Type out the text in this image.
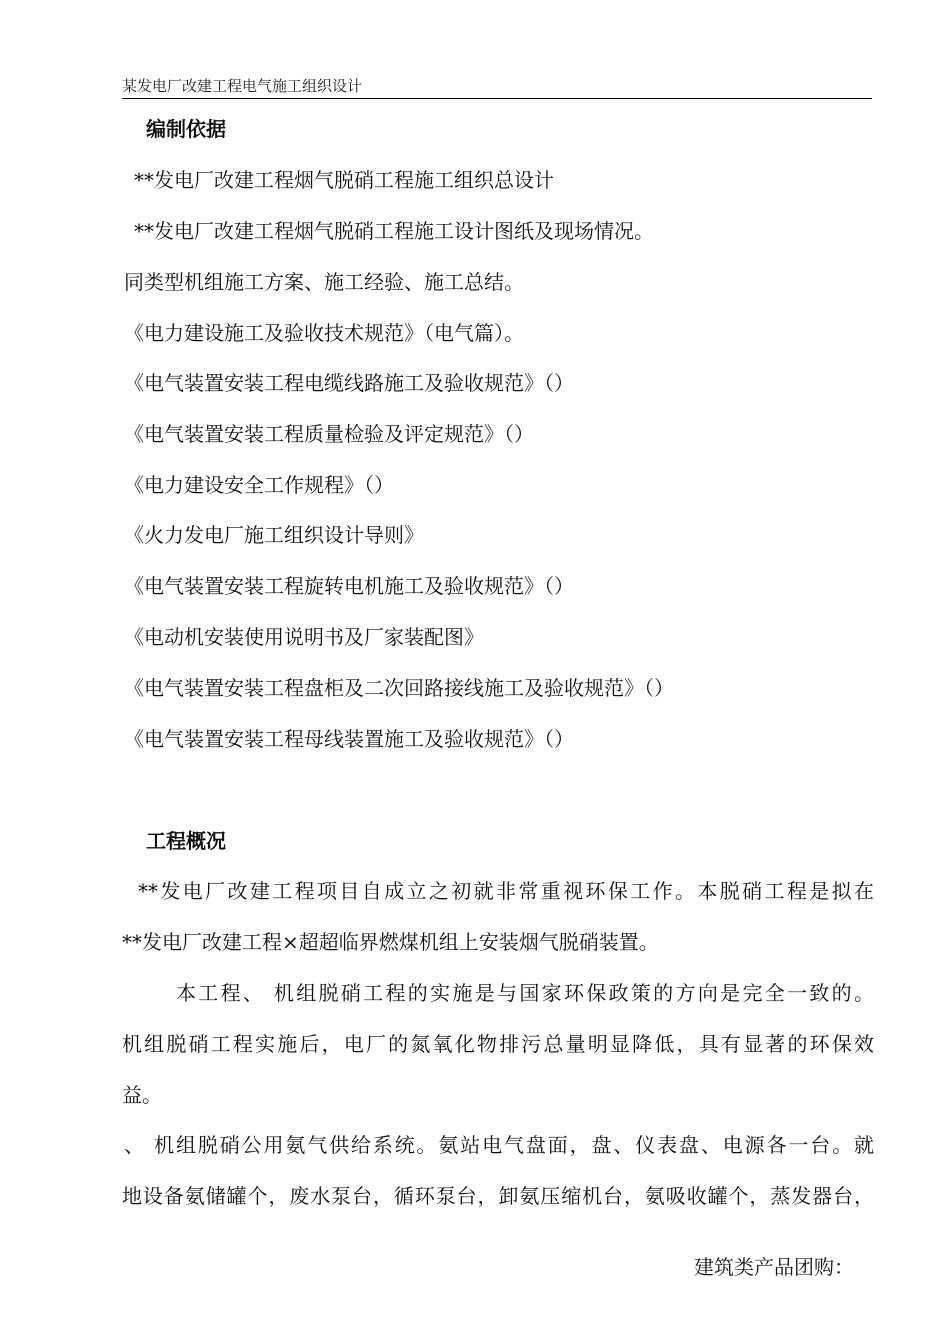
某发电厂改建工程电气施工组织设计
编制依据
**发电厂改建工程烟气脱硝工程施工组织总设计
**发电厂改建工程烟气脱硝工程施工设计图纸及现场情况。
同类型机组施工方案、施工经验、施工总结。
《电力建设施工及验收技术规范》（电气篇）。
《电气装置安装工程电缆线路施工及验收规范》（）
《电气装置安装工程质量检验及评定规范》（）
《电力建设安全工作规程》（）
《火力发电厂施工组织设计导则》
《电气装置安装工程旋转电机施工及验收规范》（）
《电动机安装使用说明书及厂家装配图》
《电气装置安装工程盘柜及二次回路接线施工及验收规范》（）
《电气装置安装工程母线装置施工及验收规范》（）
工程概况
**发电厂改建工程项目自成立之初就非常重视环保工作。本脱硝工程是拟在
**发电厂改建工程×超超临界燃煤机组上安装烟气脱硝装置。
本工程、 机组脱硝工程的实施是与国家环保政策的方向是完全一致的。
机组脱硝工程实施后，电厂的氮氧化物排污总量明显降低，具有显著的环保效
益。
、 机组脱硝公用氨气供给系统。氨站电气盘面，盘、仪表盘、电源各一台。就
地设备氨储罐个，废水泵台，循环泵台，卸氨压缩机台，氨吸收罐个，蒸发器台，
建筑类产品团购：
